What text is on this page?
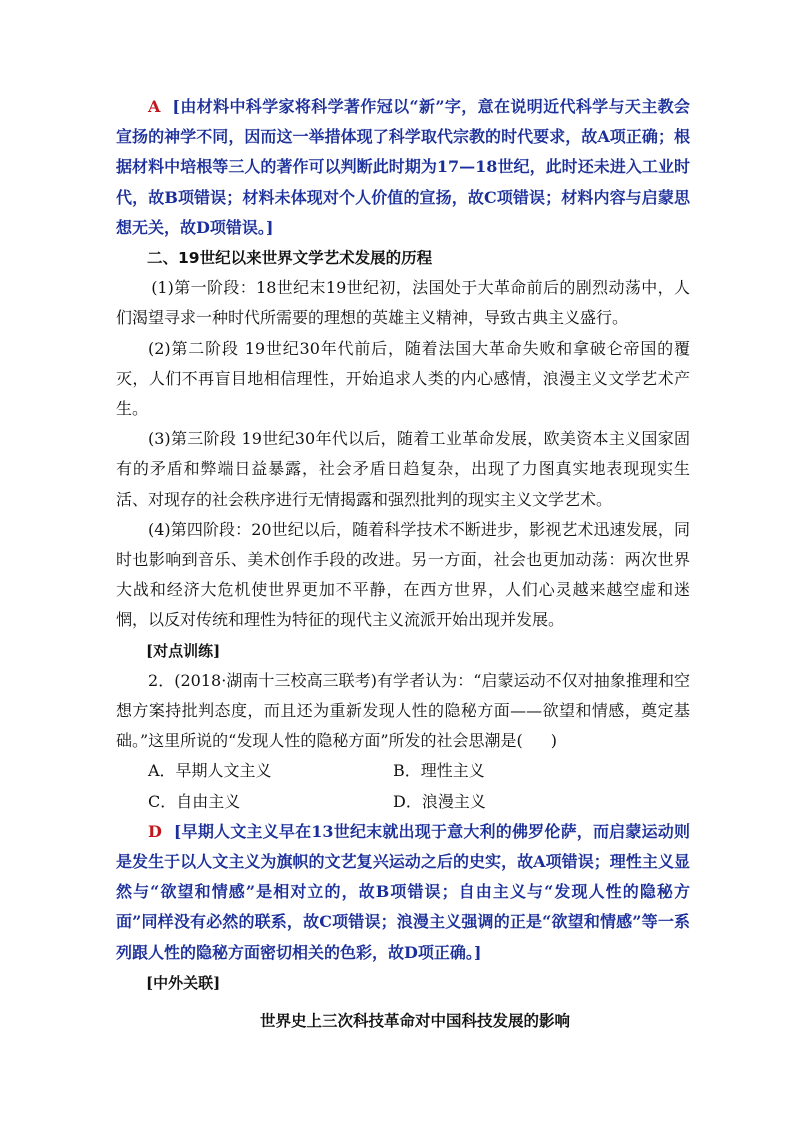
A [由材料中科学家将科学著作冠以“新”字，意在说明近代科学与天主教会宣扬的神学不同，因而这一举措体现了科学取代宗教的时代要求，故A项正确；根据材料中培根等三人的著作可以判断此时期为17—18世纪，此时还未进入工业时代，故B项错误；材料未体现对个人价值的宣扬，故C项错误；材料内容与启蒙思想无关，故D项错误。]

二、19世纪以来世界文学艺术发展的历程

(1)第一阶段：18世纪末19世纪初，法国处于大革命前后的剧烈动荡中，人们渴望寻求一种时代所需要的理想的英雄主义精神，导致古典主义盛行。

(2)第二阶段 19世纪30年代前后，随着法国大革命失败和拿破仑帝国的覆灭，人们不再盲目地相信理性，开始追求人类的内心感情，浪漫主义文学艺术产生。

(3)第三阶段 19世纪30年代以后，随着工业革命发展，欧美资本主义国家固有的矛盾和弊端日益暴露，社会矛盾日趋复杂，出现了力图真实地表现现实生活、对现存的社会秩序进行无情揭露和强烈批判的现实主义文学艺术。

(4)第四阶段：20世纪以后，随着科学技术不断进步，影视艺术迅速发展，同时也影响到音乐、美术创作手段的改进。另一方面，社会也更加动荡：两次世界大战和经济大危机使世界更加不平静，在西方世界，人们心灵越来越空虚和迷惘，以反对传统和理性为特征的现代主义流派开始出现并发展。

[对点训练]

2．(2018·湖南十三校高三联考)有学者认为：“启蒙运动不仅对抽象推理和空想方案持批判态度，而且还为重新发现人性的隐秘方面——欲望和情感，奠定基础。”这里所说的“发现人性的隐秘方面”所发的社会思潮是( )

A．早期人文主义	B．理性主义
C．自由主义	D．浪漫主义

D [早期人文主义早在13世纪末就出现于意大利的佛罗伦萨，而启蒙运动则是发生于以人文主义为旗帜的文艺复兴运动之后的史实，故A项错误；理性主义显然与“欲望和情感”是相对立的，故B项错误；自由主义与“发现人性的隐秘方面”同样没有必然的联系，故C项错误；浪漫主义强调的正是“欲望和情感”等一系列跟人性的隐秘方面密切相关的色彩，故D项正确。]

[中外关联]

世界史上三次科技革命对中国科技发展的影响
